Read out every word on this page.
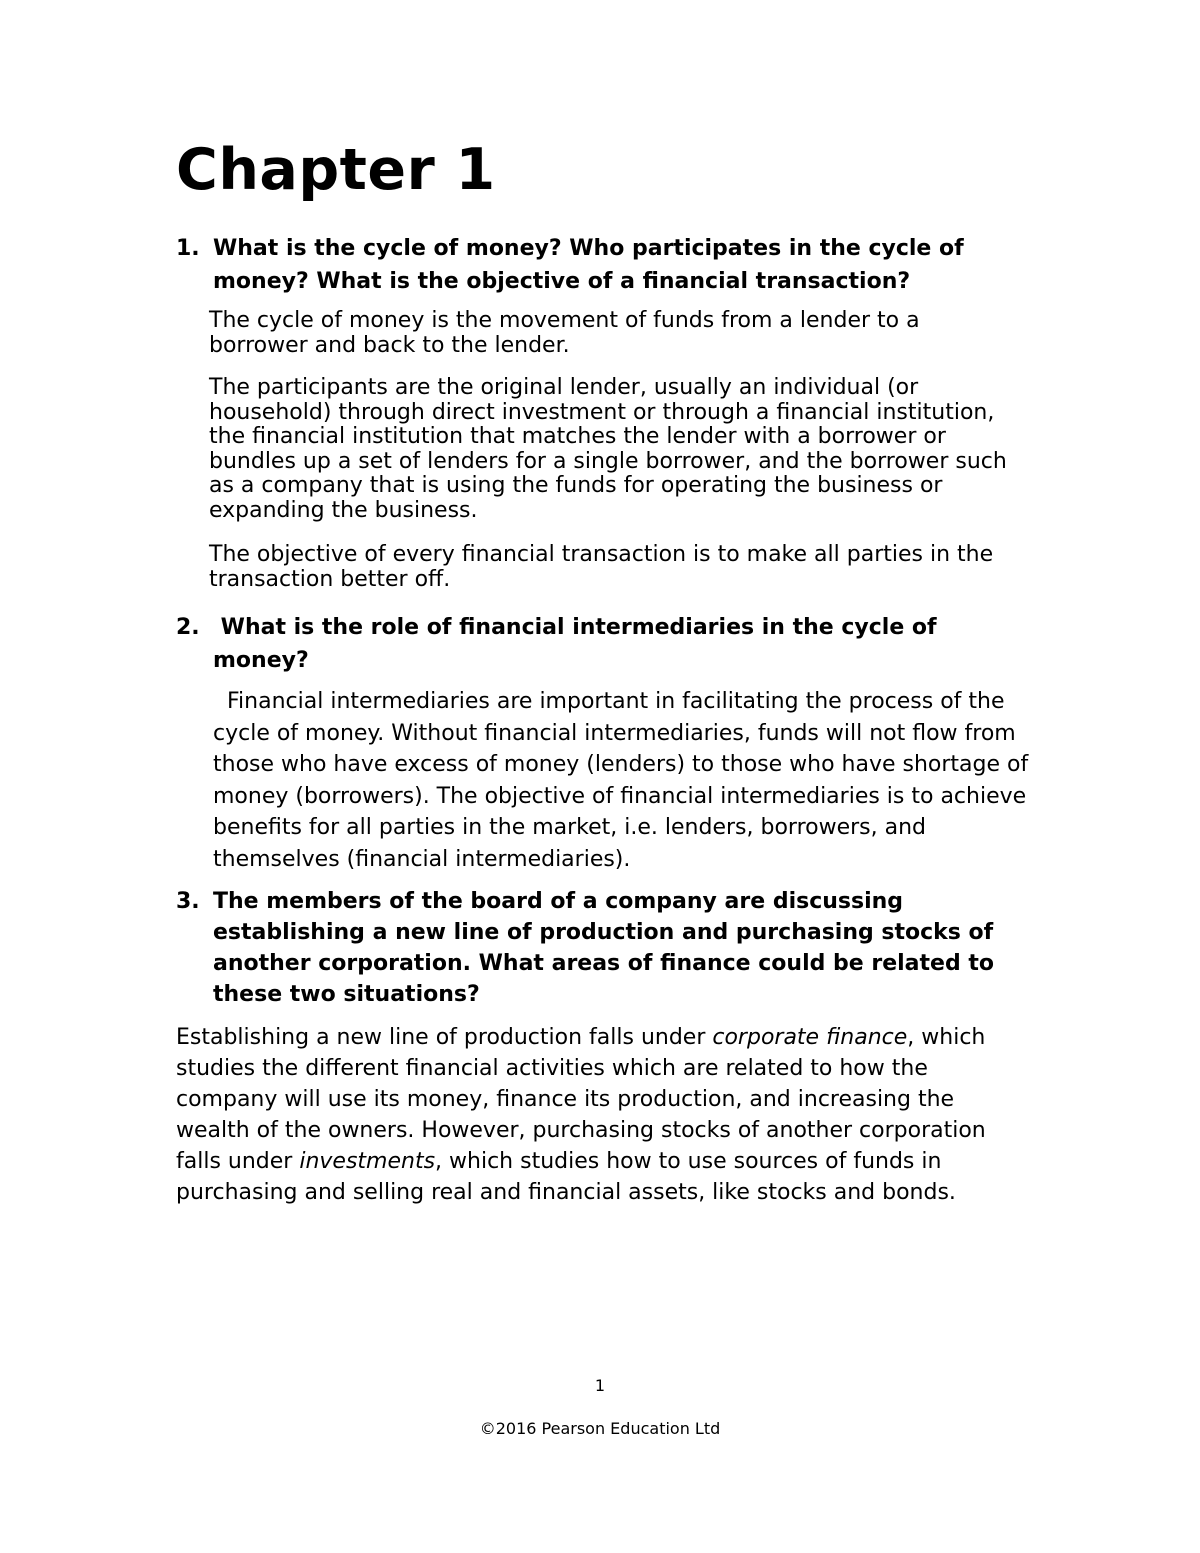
Chapter 1
1. What is the cycle of money? Who participates in the cycle of money? What is the objective of a financial transaction?

The cycle of money is the movement of funds from a lender to a borrower and back to the lender.

The participants are the original lender, usually an individual (or household) through direct investment or through a financial institution, the financial institution that matches the lender with a borrower or bundles up a set of lenders for a single borrower, and the borrower such as a company that is using the funds for operating the business or expanding the business.

The objective of every financial transaction is to make all parties in the transaction better off.

2. What is the role of financial intermediaries in the cycle of money?

Financial intermediaries are important in facilitating the process of the cycle of money. Without financial intermediaries, funds will not flow from those who have excess of money (lenders) to those who have shortage of money (borrowers). The objective of financial intermediaries is to achieve benefits for all parties in the market, i.e. lenders, borrowers, and themselves (financial intermediaries).

3. The members of the board of a company are discussing establishing a new line of production and purchasing stocks of another corporation. What areas of finance could be related to these two situations?

Establishing a new line of production falls under corporate finance, which studies the different financial activities which are related to how the company will use its money, finance its production, and increasing the wealth of the owners. However, purchasing stocks of another corporation falls under investments, which studies how to use sources of funds in purchasing and selling real and financial assets, like stocks and bonds.

1

©2016 Pearson Education Ltd
